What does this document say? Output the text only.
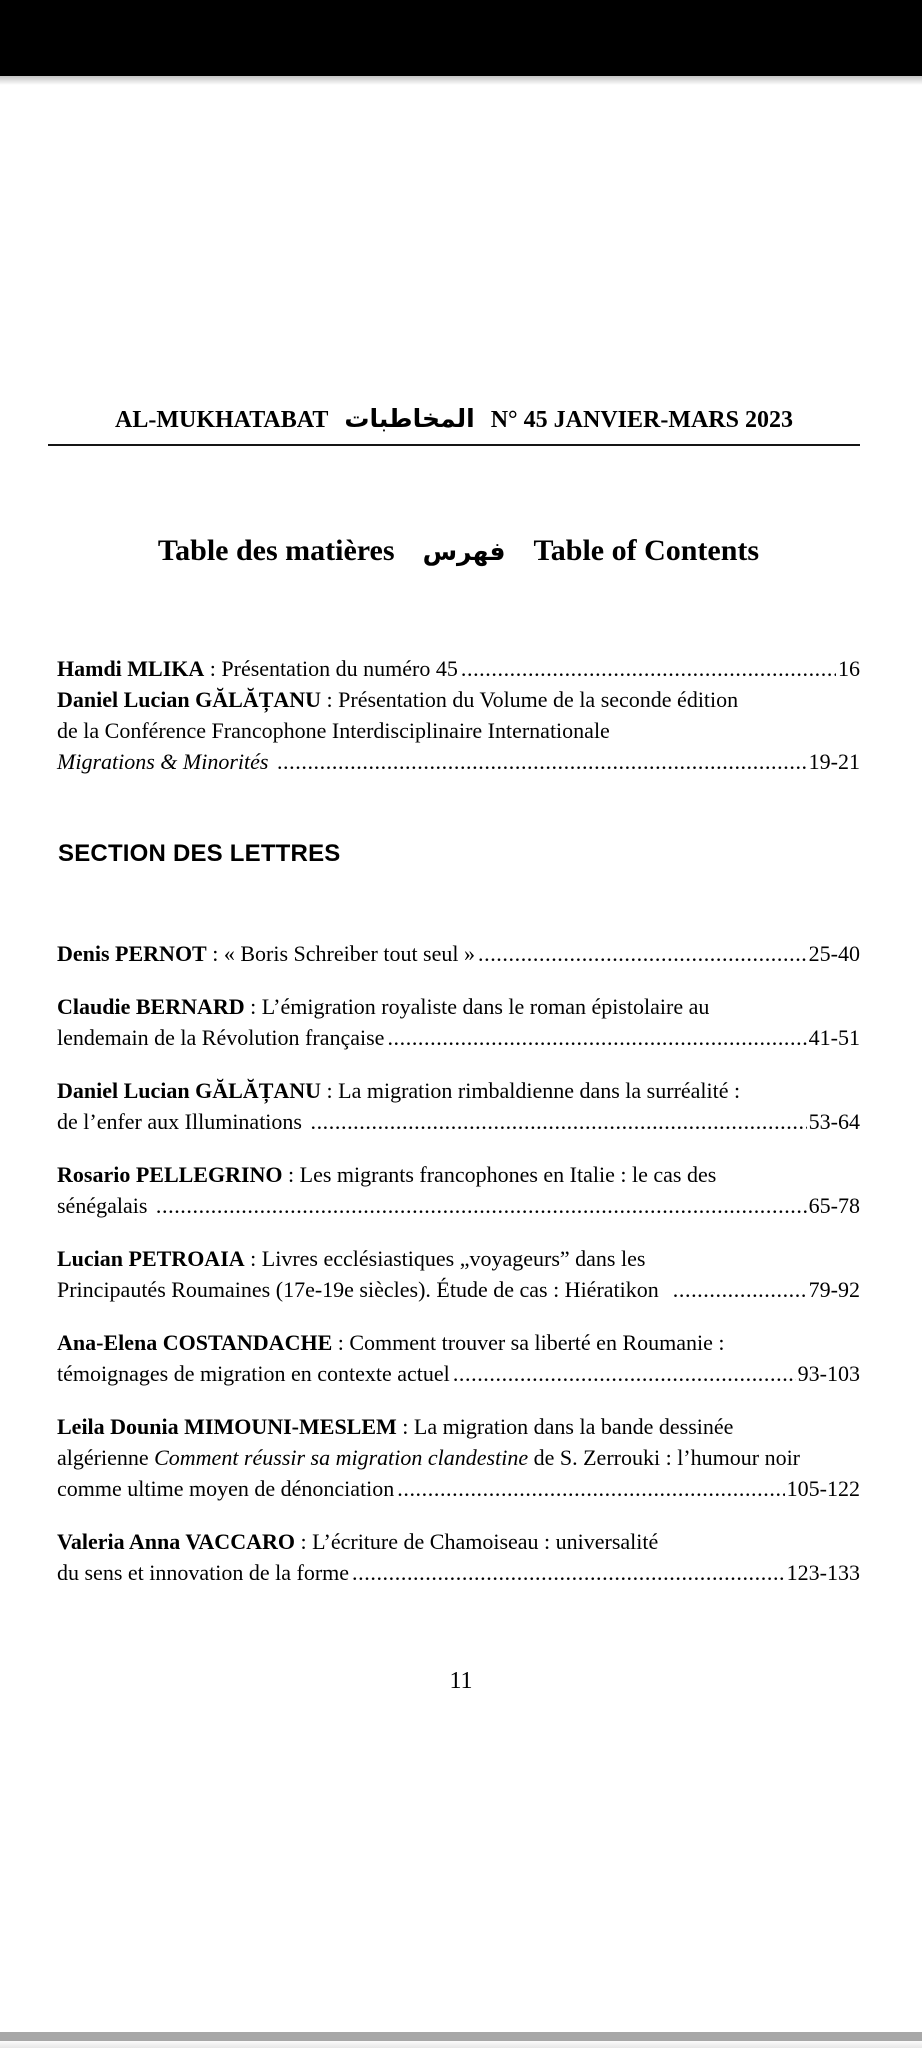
AL-MUKHATABAT المخاطبات N° 45 JANVIER-MARS 2023
Table des matières فهرس Table of Contents
Hamdi MLIKA : Présentation du numéro 45 .....	16
Daniel Lucian GĂLĂȚANU : Présentation du Volume de la seconde édition
de la Conférence Francophone Interdisciplinaire Internationale
Migrations & Minorités .....	19-21
SECTION DES LETTRES
Denis PERNOT : « Boris Schreiber tout seul » .....	25-40
Claudie BERNARD : L’émigration royaliste dans le roman épistolaire au
lendemain de la Révolution française .....	41-51
Daniel Lucian GĂLĂȚANU : La migration rimbaldienne dans la surréalité :
de l’enfer aux Illuminations .....	53-64
Rosario PELLEGRINO : Les migrants francophones en Italie : le cas des
sénégalais .....	65-78
Lucian PETROAIA : Livres ecclésiastiques „voyageurs” dans les
Principautés Roumaines (17e-19e siècles). Étude de cas : Hiératikon .....	79-92
Ana-Elena COSTANDACHE : Comment trouver sa liberté en Roumanie :
témoignages de migration en contexte actuel .....	93-103
Leila Dounia MIMOUNI-MESLEM : La migration dans la bande dessinée
algérienne Comment réussir sa migration clandestine de S. Zerrouki : l’humour noir
comme ultime moyen de dénonciation .....	105-122
Valeria Anna VACCARO : L’écriture de Chamoiseau : universalité
du sens et innovation de la forme .....	123-133
11
